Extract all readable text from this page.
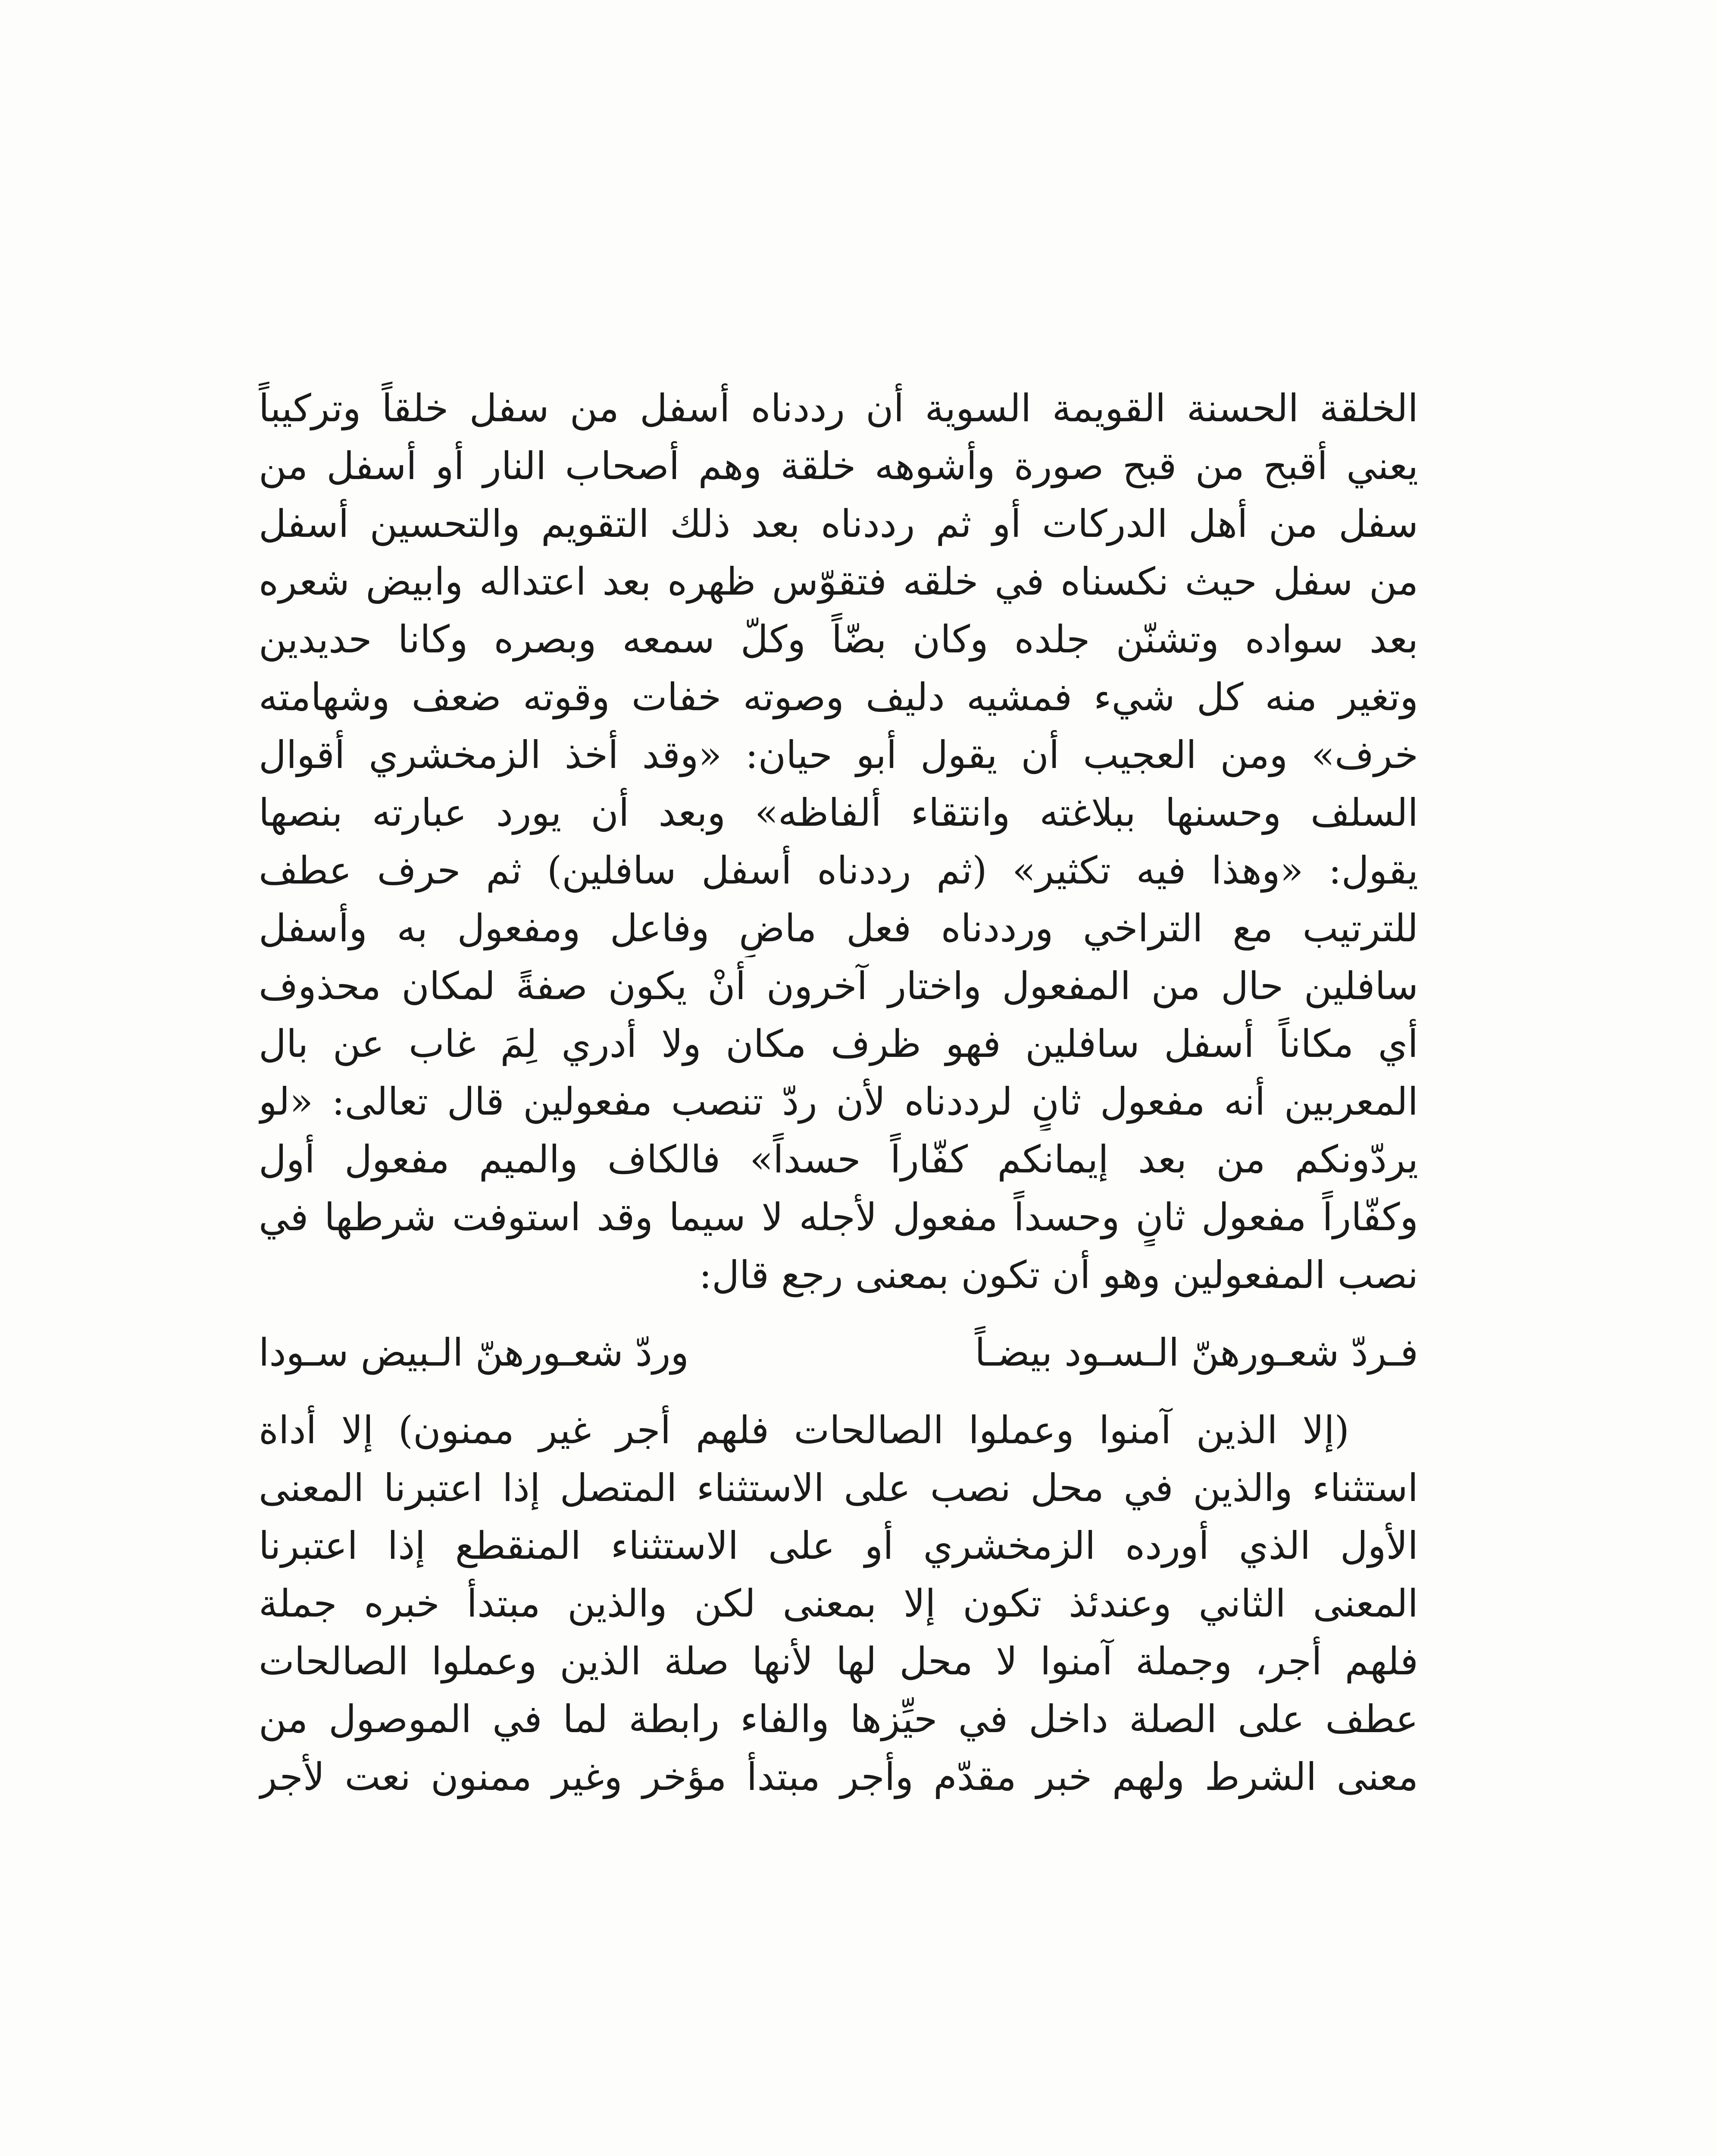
الخلقة الحسنة القويمة السوية أن رددناه أسفل من سفل خلقاً وتركيباً
يعني أقبح من قبح صورة وأشوهه خلقة وهم أصحاب النار أو أسفل من
سفل من أهل الدركات أو ثم رددناه بعد ذلك التقويم والتحسين أسفل
من سفل حيث نكسناه في خلقه فتقوّس ظهره بعد اعتداله وابيض شعره
بعد سواده وتشنّن جلده وكان بضّاً وكلّ سمعه وبصره وكانا حديدين
وتغير منه كل شيء فمشيه دليف وصوته خفات وقوته ضعف وشهامته
خرف» ومن العجيب أن يقول أبو حيان: «وقد أخذ الزمخشري أقوال
السلف وحسنها ببلاغته وانتقاء ألفاظه» وبعد أن يورد عبارته بنصها
يقول: «وهذا فيه تكثير» (ثم رددناه أسفل سافلين) ثم حرف عطف
للترتيب مع التراخي ورددناه فعل ماضٍ وفاعل ومفعول به وأسفل
سافلين حال من المفعول واختار آخرون أنْ يكون صفةً لمكان محذوف
أي مكاناً أسفل سافلين فهو ظرف مكان ولا أدري لِمَ غاب عن بال
المعربين أنه مفعول ثانٍ لرددناه لأن ردّ تنصب مفعولين قال تعالى: «لو
يردّونكم من بعد إيمانكم كفّاراً حسداً» فالكاف والميم مفعول أول
وكفّاراً مفعول ثانٍ وحسداً مفعول لأجله لا سيما وقد استوفت شرطها في
نصب المفعولين وهو أن تكون بمعنى رجع قال:

فـردّ شعـورهنّ الـسـود بيضـاً
وردّ شعـورهنّ الـبيض سـودا

(إلا الذين آمنوا وعملوا الصالحات فلهم أجر غير ممنون) إلا أداة
استثناء والذين في محل نصب على الاستثناء المتصل إذا اعتبرنا المعنى
الأول الذي أورده الزمخشري أو على الاستثناء المنقطع إذا اعتبرنا
المعنى الثاني وعندئذ تكون إلا بمعنى لكن والذين مبتدأ خبره جملة
فلهم أجر، وجملة آمنوا لا محل لها لأنها صلة الذين وعملوا الصالحات
عطف على الصلة داخل في حيِّزها والفاء رابطة لما في الموصول من
معنى الشرط ولهم خبر مقدّم وأجر مبتدأ مؤخر وغير ممنون نعت لأجر
